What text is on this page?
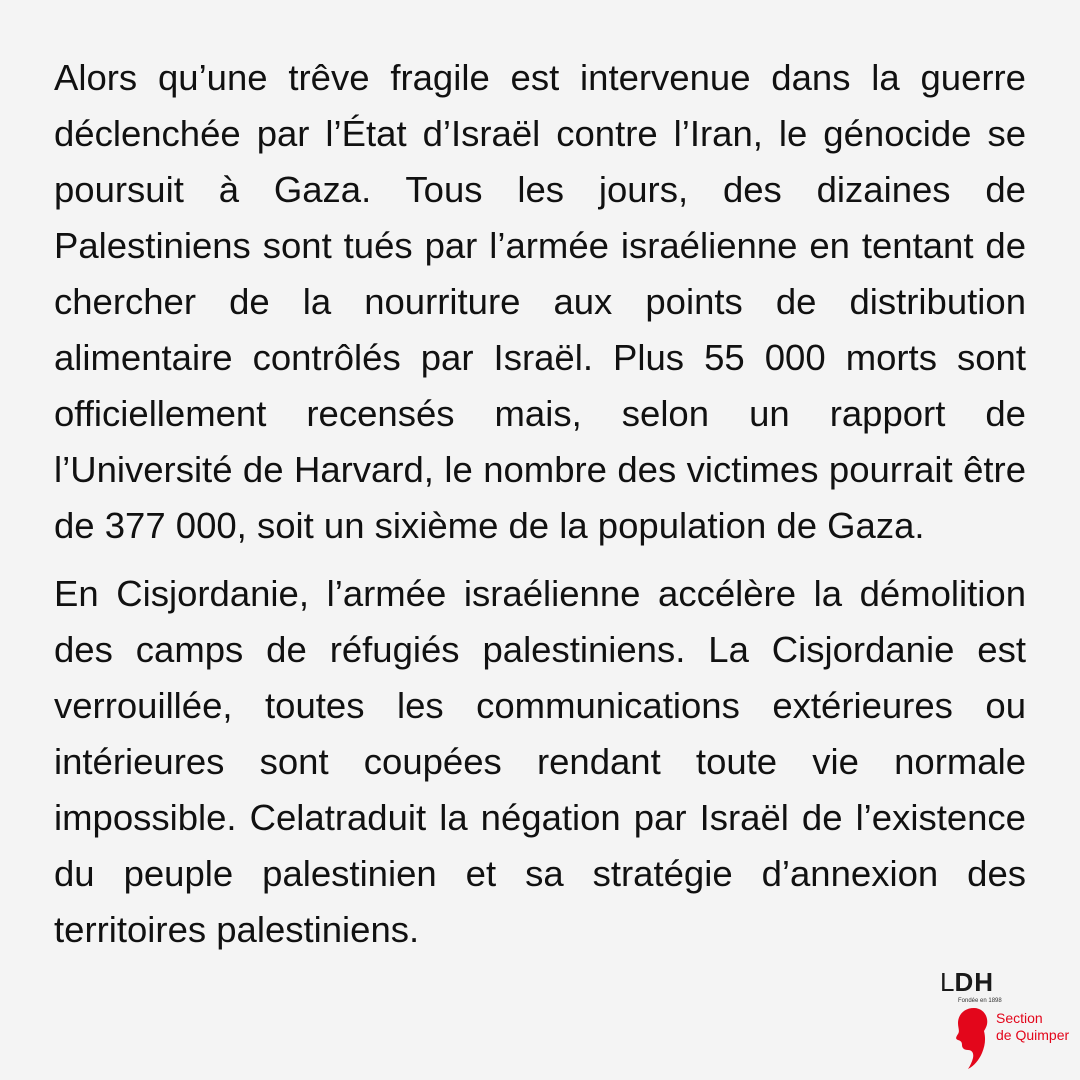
Alors qu’une trêve fragile est intervenue dans la guerre déclenchée par l’État d’Israël contre l’Iran, le génocide se poursuit à Gaza. Tous les jours, des dizaines de Palestiniens sont tués par l’armée israélienne en tentant de chercher de la nourriture aux points de distribution alimentaire contrôlés par Israël. Plus 55 000 morts sont officiellement recensés mais, selon un rapport de l’Université de Harvard, le nombre des victimes pourrait être de 377 000, soit un sixième de la population de Gaza.

En Cisjordanie, l’armée israélienne accélère la démolition des camps de réfugiés palestiniens. La Cisjordanie est verrouillée, toutes les communications extérieures ou intérieures sont coupées rendant toute vie normale impossible. Celatraduit la négation par Israël de l’existence du peuple palestinien et sa stratégie d’annexion des territoires palestiniens.

LDH
Fondée en 1898
Section
de Quimper
